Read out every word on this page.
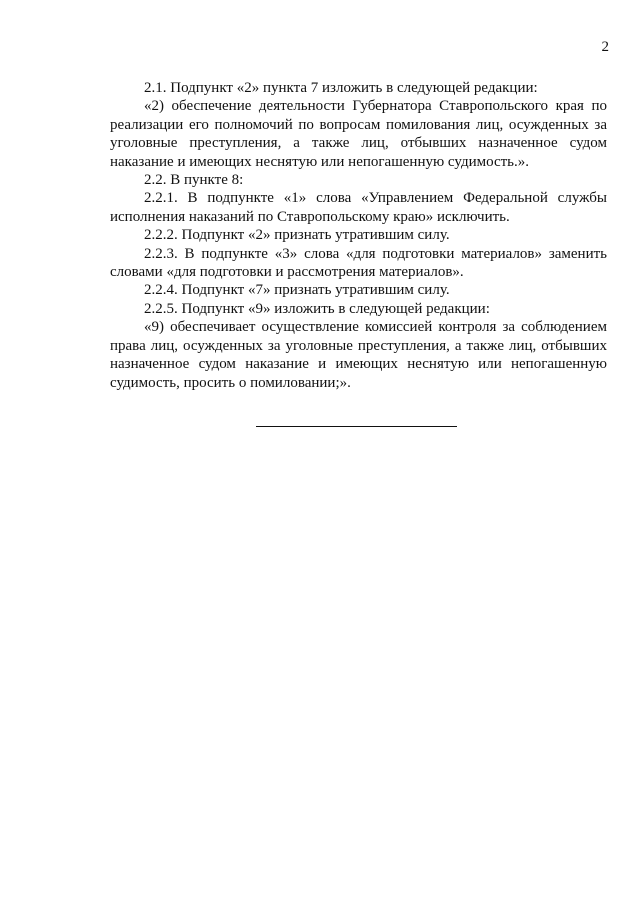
2

2.1. Подпункт «2» пункта 7 изложить в следующей редакции:

«2) обеспечение деятельности Губернатора Ставропольского края по реализации его полномочий по вопросам помилования лиц, осужденных за уголовные преступления, а также лиц, отбывших назначенное судом наказание и имеющих неснятую или непогашенную судимость.».

2.2. В пункте 8:

2.2.1. В подпункте «1» слова «Управлением Федеральной службы исполнения наказаний по Ставропольскому краю» исключить.

2.2.2. Подпункт «2» признать утратившим силу.

2.2.3. В подпункте «3» слова «для подготовки материалов» заменить словами «для подготовки и рассмотрения материалов».

2.2.4. Подпункт «7» признать утратившим силу.

2.2.5. Подпункт «9» изложить в следующей редакции:

«9) обеспечивает осуществление комиссией контроля за соблюдением права лиц, осужденных за уголовные преступления, а также лиц, отбывших назначенное судом наказание и имеющих неснятую или непогашенную судимость, просить о помиловании;».
